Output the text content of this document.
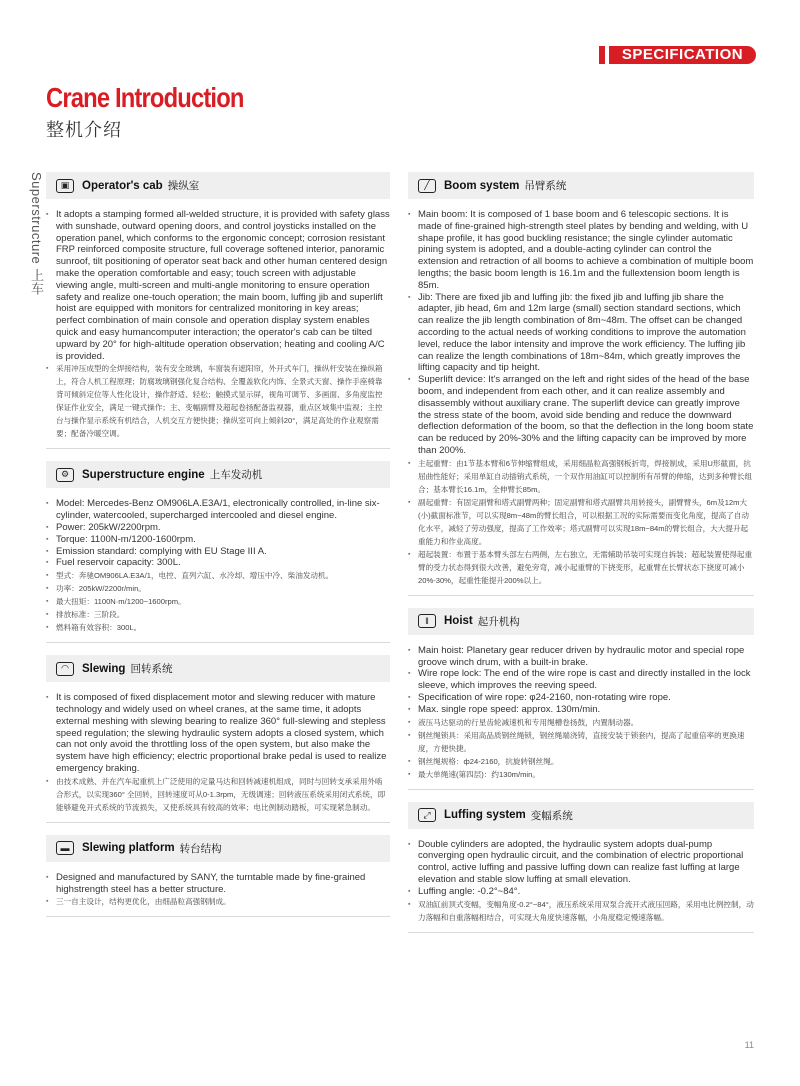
SPECIFICATION
Crane Introduction
整机介绍
Superstructure 上车	▣	Operator's cab 操纵室
▪ It adopts a stamping formed all-welded structure, it is provided with safety glass with sunshade, outward opening doors, and control joysticks installed on the operation panel, which conforms to the ergonomic concept; corrosion resistant FRP reinforced composite structure, full coverage softened interior, panoramic sunroof, tilt positioning of operator seat back and other human centered design make the operation comfortable and easy; touch screen with adjustable viewing angle, multi-screen and multi-angle monitoring to ensure operation safety and realize one-touch operation; the main boom, luffing jib and superlift hoist are equipped with monitors for centralized monitoring in key areas; perfect combination of main console and operation display system enables quick and easy humancomputer interaction; the operator's cab can be tilted upward by 20° for high-altitude operation observation; heating and cooling A/C is provided.
▪ 采用冲压成型的全焊接结构，装有安全玻璃，车窗装有遮阳帘，外开式车门，操纵杆安装在操纵箱上，符合人机工程原理；防腐玻璃钢强化复合结构、全覆盖软化内饰、全景式天窗、操作手座椅靠背可倾斜定位等人性化设计，操作舒适、轻松；触摸式显示屏，视角可调节、多画面、多角度监控保证作业安全，满足一键式操作；主、变幅副臂及超起卷扬配备监视器，重点区域集中监视；主控台与操作显示系统有机结合，人机交互方便快捷；操纵室可向上倾斜20°，满足高处的作业观察需要；配备冷暖空调。
⚙	Superstructure engine 上车发动机
▪ Model: Mercedes-Benz OM906LA.E3A/1, electronically controlled, in-line six-cylinder, watercooled, supercharged intercooled and diesel engine.
▪ Power: 205kW/2200rpm.
▪ Torque: 1100N-m/1200-1600rpm.
▪ Emission standard: complying with EU Stage III A.
▪ Fuel reservoir capacity: 300L.
▪ 型式：奔驰OM906LA.E3A/1，电控、直列六缸、水冷却、增压中冷、柴油发动机。
▪ 功率：205kW/2200r/min。
▪ 最大扭矩：1100N·m/1200~1600rpm。
▪ 排放标准：三阶段。
▪ 燃料箱有效容积：300L。
◠	Slewing 回转系统
▪ It is composed of fixed displacement motor and slewing reducer with mature technology and widely used on wheel cranes, at the same time, it adopts external meshing with slewing bearing to realize 360° full-slewing and stepless speed regulation; the slewing hydraulic system adopts a closed system, which can not only avoid the throttling loss of the open system, but also make the system have high efficiency; electric proportional brake pedal is used to realize emergency braking.
▪ 由技术成熟、并在汽车起重机上广泛使用的定量马达和回转减速机组成，同时与回转支承采用外啮合形式，以实现360° 全回转，回转速度可从0-1.3rpm，无级调速；回转液压系统采用闭式系统，即能够避免开式系统的节流损失，又使系统具有较高的效率；电比例制动踏板，可实现紧急制动。
▬	Slewing platform 转台结构
▪ Designed and manufactured by SANY, the turntable made by fine-grained highstrength steel has a better structure.
▪ 三一自主设计，结构更优化，由细晶粒高强钢制成。
╱	Boom system 吊臂系统
▪ Main boom: It is composed of 1 base boom and 6 telescopic sections. It is made of fine-grained high-strength steel plates by bending and welding, with U shape profile, it has good buckling resistance; the single cylinder automatic pining system is adopted, and a double-acting cylinder can control the extension and retraction of all booms to achieve a combination of multiple boom lengths; the basic boom length is 16.1m and the fullextension boom length is 85m.
▪ Jib: There are fixed jib and luffing jib: the fixed jib and luffing jib share the adapter, jib head, 6m and 12m large (small) section standard sections, which can realize the jib length combination of 8m~48m. The offset can be changed according to the actual needs of working conditions to improve the automation level, reduce the labor intensity and improve the work efficiency. The luffing jib can realize the length combinations of 18m~84m, which greatly improves the lifting capacity and tip height.
▪ Superlift device: It's arranged on the left and right sides of the head of the base boom, and independent from each other, and it can realize assembly and disassembly without auxiliary crane. The superlift device can greatly improve the stress state of the boom, avoid side bending and reduce the downward deflection deformation of the boom, so that the deflection in the long boom state can be reduced by 20%-30% and the lifting capacity can be improved by more than 200%.
▪ 主起重臂：由1节基本臂和6节伸缩臂组成，采用细晶粒高强钢板折弯，焊接制成，采用U形截面，抗屈曲性能好；采用单缸自动插销式系统，一个双作用油缸可以控制所有吊臂的伸缩，达到多种臂长组合；基本臂长16.1m，全伸臂长85m。
▪ 副起重臂：有固定副臂和塔式副臂两种；固定副臂和塔式副臂共用转接头，副臂臂头，6m及12m大(小)截面标准节，可以实现8m~48m的臂长组合，可以根据工况的实际需要而变化角度，提高了自动化水平，减轻了劳动强度，提高了工作效率；塔式副臂可以实现18m~84m的臂长组合，大大提升起重能力和作业高度。
▪ 超起装置：布置于基本臂头部左右两侧，左右独立，无需辅助吊装可实现自拆装；超起装置使得起重臂的受力状态得到很大改善，避免旁弯，减小起重臂的下挠变形，起重臂在长臂状态下挠度可减小20%-30%，起重性能提升200%以上。
‖	Hoist 起升机构
▪ Main hoist: Planetary gear reducer driven by hydraulic motor and special rope groove winch drum, with a built-in brake.
▪ Wire rope lock: The end of the wire rope is cast and directly installed in the lock sleeve, which improves the reeving speed.
▪ Specification of wire rope: φ24-2160, non-rotating wire rope.
▪ Max. single rope speed: approx. 130m/min.
▪ 液压马达驱动的行星齿轮减速机和专用绳槽卷扬鼓，内置制动器。
▪ 钢丝绳锁具：采用高品质钢丝绳锁，钢丝绳端浇铸，直接安装于锁套内，提高了起重倍率的更换速度，方便快捷。
▪ 钢丝绳规格：ф24-2160，抗旋转钢丝绳。
▪ 最大单绳速(第四层)：约130m/min。
⤢	Luffing system 变幅系统
▪ Double cylinders are adopted, the hydraulic system adopts dual-pump converging open hydraulic circuit, and the combination of electric proportional control, active luffing and passive luffing down can realize fast luffing at large elevation and stable slow luffing at small elevation.
▪ Luffing angle: -0.2°~84°.
▪ 双油缸前顶式变幅，变幅角度-0.2°~84°，液压系统采用双泵合流开式液压回路，采用电比例控制，动力落幅和自重落幅相结合，可实现大角度快速落幅，小角度稳定慢速落幅。
11
